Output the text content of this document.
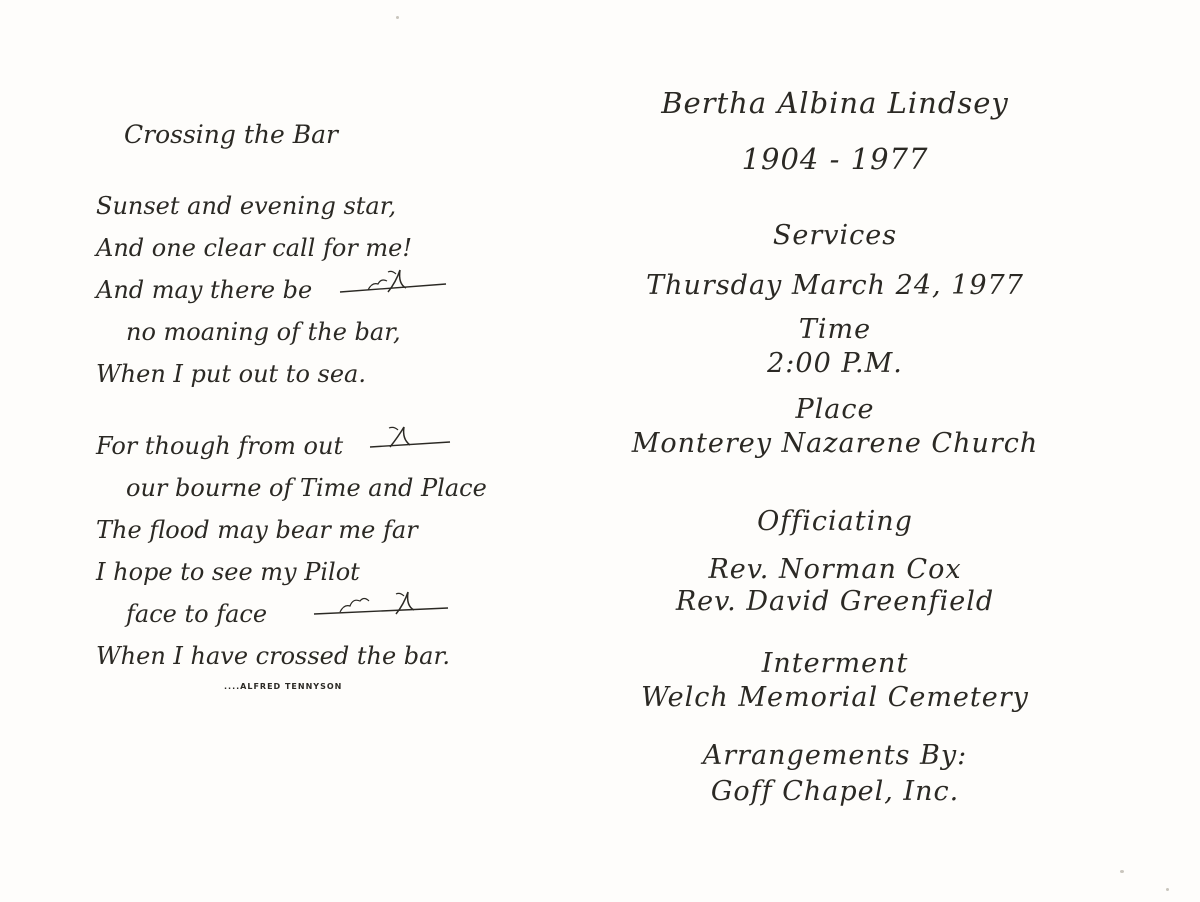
Crossing the Bar
Sunset and evening star,
And one clear call for me!
And may there be
no moaning of the bar,
When I put out to sea.
For though from out
our bourne of Time and Place
The flood may bear me far
I hope to see my Pilot
face to face
When I have crossed the bar.
....ALFRED TENNYSON
Bertha Albina Lindsey
1904 - 1977
Services
Thursday March 24, 1977
Time
2:00 P.M.
Place
Monterey Nazarene Church
Officiating
Rev. Norman Cox
Rev. David Greenfield
Interment
Welch Memorial Cemetery
Arrangements By:
Goff Chapel, Inc.
